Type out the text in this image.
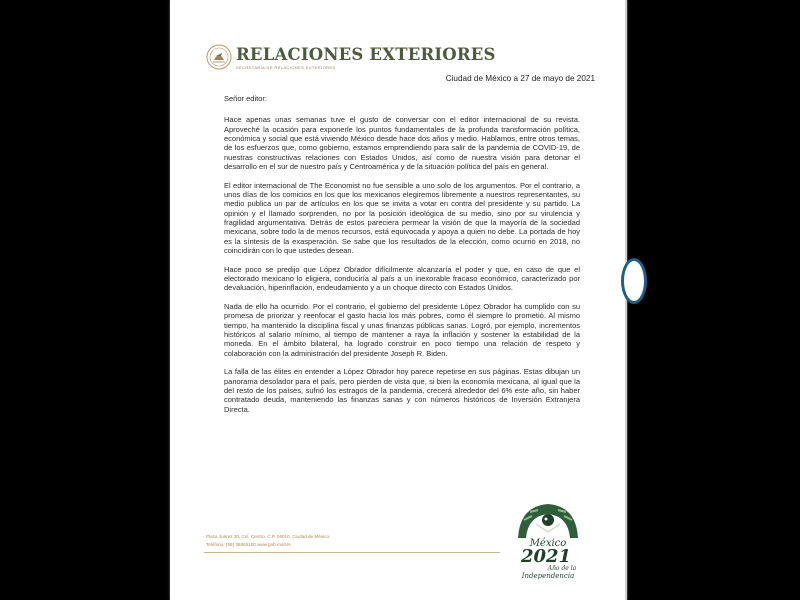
RELACIONES EXTERIORES
SECRETARÍA DE RELACIONES EXTERIORES
Ciudad de México a 27 de mayo de 2021

Señor editor:

Hace apenas unas semanas tuve el gusto de conversar con el editor internacional de su revista. Aproveché la ocasión para exponerle los puntos fundamentales de la profunda transformación política, económica y social que está viviendo México desde hace dos años y medio. Hablamos, entre otros temas, de los esfuerzos que, como gobierno, estamos emprendiendo para salir de la pandemia de COVID-19, de nuestras constructivas relaciones con Estados Unidos, así como de nuestra visión para detonar el desarrollo en el sur de nuestro país y Centroamérica y de la situación política del país en general.

El editor internacional de The Economist no fue sensible a uno solo de los argumentos. Por el contrario, a unos días de los comicios en los que los mexicanos elegiremos libremente a nuestros representantes, su medio publica un par de artículos en los que se invita a votar en contra del presidente y su partido. La opinión y el llamado sorprenden, no por la posición ideológica de su medio, sino por su virulencia y fragilidad argumentativa. Detrás de estos pareciera permear la visión de que la mayoría de la sociedad mexicana, sobre todo la de menos recursos, está equivocada y apoya a quien no debe. La portada de hoy es la síntesis de la exasperación. Se sabe que los resultados de la elección, como ocurrió en 2018, no coincidirán con lo que ustedes desean.

Hace poco se predijo que López Obrador difícilmente alcanzaría el poder y que, en caso de que el electorado mexicano lo eligiera, conduciría al país a un inexorable fracaso económico, caracterizado por devaluación, hiperinflación, endeudamiento y a un choque directo con Estados Unidos.

Nada de ello ha ocurrido. Por el contrario, el gobierno del presidente López Obrador ha cumplido con su promesa de priorizar y reenfocar el gasto hacia los más pobres, como él siempre lo prometió. Al mismo tiempo, ha mantenido la disciplina fiscal y unas finanzas públicas sanas. Logró, por ejemplo, incrementos históricos al salario mínimo, al tiempo de mantener a raya la inflación y sostener la estabilidad de la moneda. En el ámbito bilateral, ha logrado construir en poco tiempo una relación de respeto y colaboración con la administración del presidente Joseph R. Biden.

La falla de las élites en entender a López Obrador hoy parece repetirse en sus páginas. Estas dibujan un panorama desolador para el país, pero pierden de vista que, si bien la economía mexicana, al igual que la del resto de los países, sufrió los estragos de la pandemia, crecerá alrededor del 6% este año, sin haber contratado deuda, manteniendo las finanzas sanas y con números históricos de Inversión Extranjera Directa.

Plaza Juárez 20, Col. Centro, C.P. 06010, Ciudad de México.
Teléfono: (55) 36865100 www.gob.mx/sre	México
2021
Año de la
Independencia
